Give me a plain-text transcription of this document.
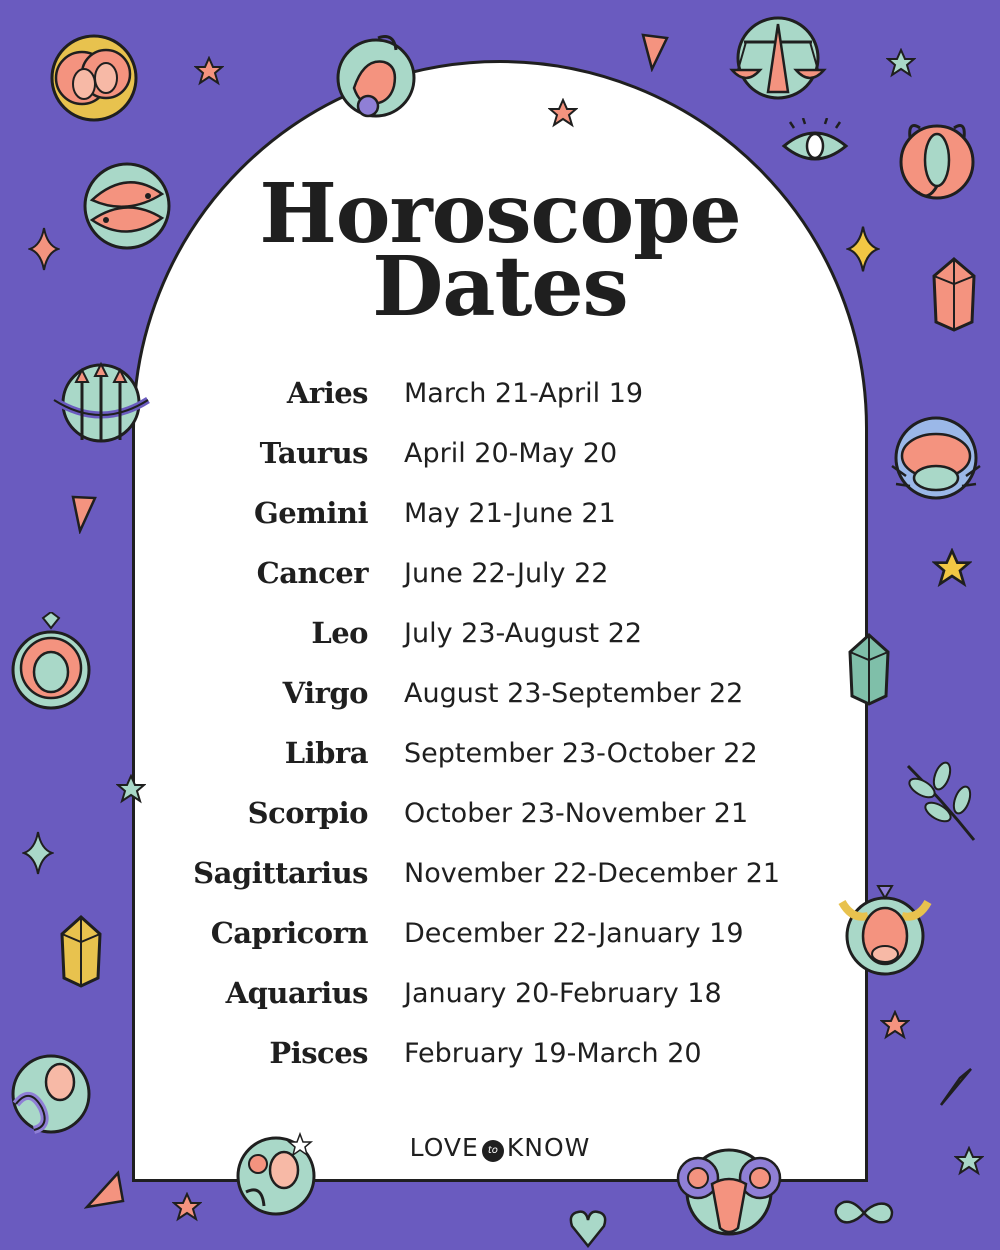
Horoscope
Dates
Aries March 21-April 19
Taurus April 20-May 20
Gemini May 21-June 21
Cancer June 22-July 22
Leo July 23-August 22
Virgo August 23-September 22
Libra September 23-October 22
Scorpio October 23-November 21
Sagittarius November 22-December 21
Capricorn December 22-January 19
Aquarius January 20-February 18
Pisces February 19-March 20
LOVE to KNOW
